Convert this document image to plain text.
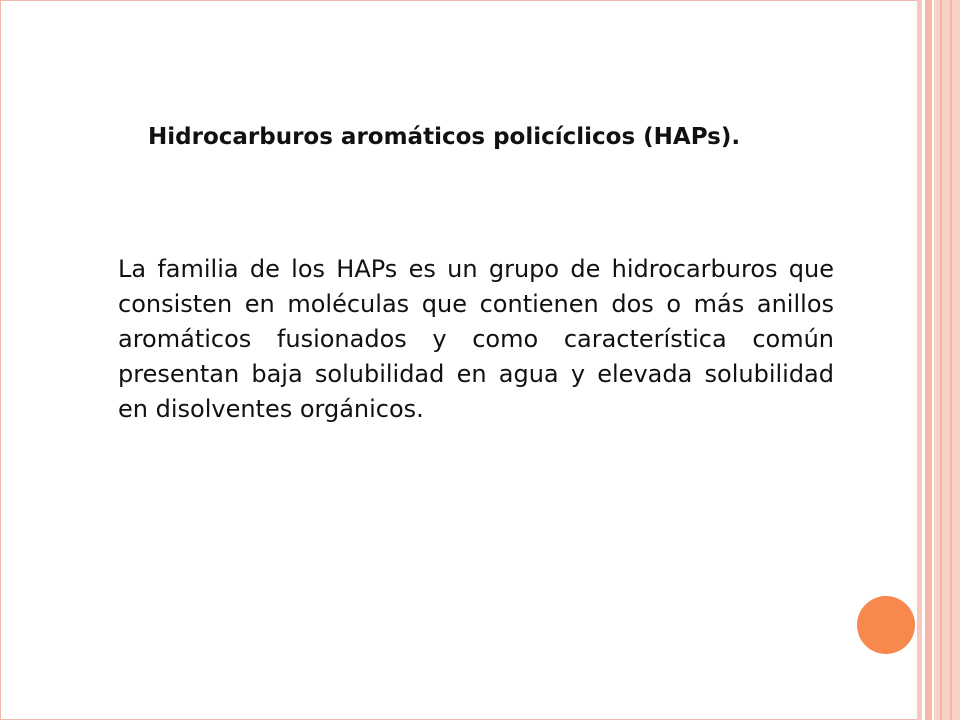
Hidrocarburos aromáticos policíclicos (HAPs).

La familia de los HAPs es un grupo de hidrocarburos que consisten en moléculas que contienen dos o más anillos aromáticos fusionados y como característica común presentan baja solubilidad en agua y elevada solubilidad en disolventes orgánicos.
